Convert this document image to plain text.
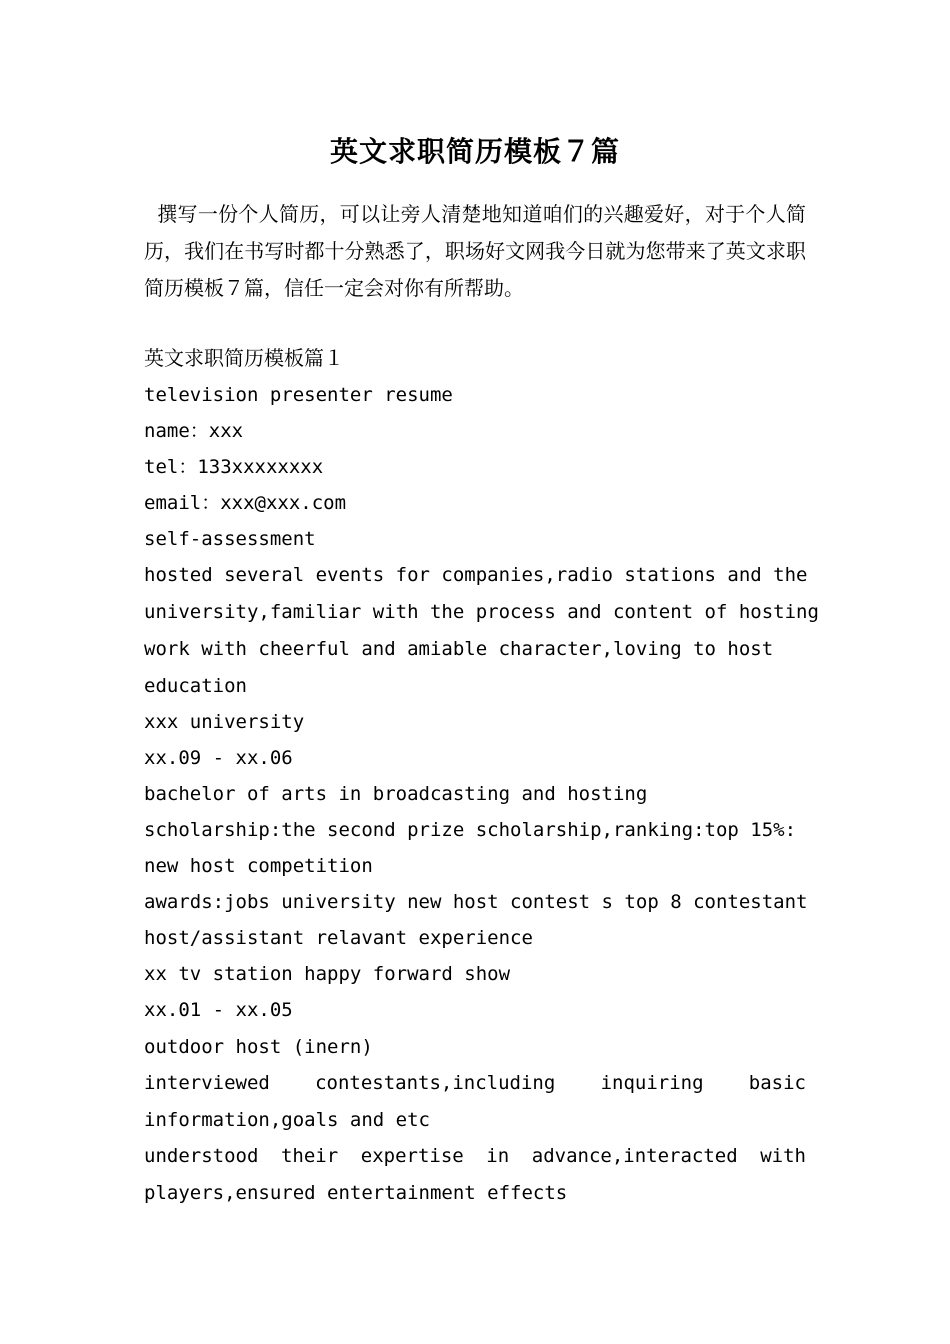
英文求职简历模板７篇

撰写一份个人简历，可以让旁人清楚地知道咱们的兴趣爱好，对于个人简历，我们在书写时都十分熟悉了，职场好文网我今日就为您带来了英文求职简历模板７篇，信任一定会对你有所帮助。

英文求职简历模板篇１
television presenter resume
name：xxx
tel：133xxxxxxxx
email：xxx@xxx.com
self-assessment
hosted several events for companies,radio stations and the
university,familiar with the process and content of hosting
work with cheerful and amiable character,loving to host
education
xxx university
xx.09 - xx.06
bachelor of arts in broadcasting and hosting
scholarship:the second prize scholarship,ranking:top 15%:
new host competition
awards:jobs university new host contest s top 8 contestant
host/assistant relavant experience
xx tv station happy forward show
xx.01 - xx.05
outdoor host (inern)
interviewed contestants,including inquiring basic
information,goals and etc
understood their expertise in advance,interacted with
players,ensured entertainment effects
